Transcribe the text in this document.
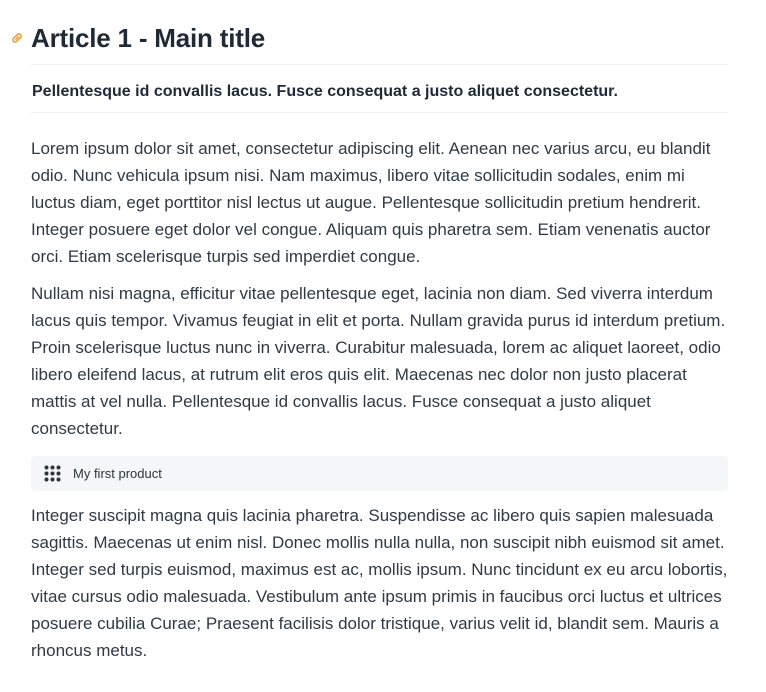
Article 1 - Main title

Pellentesque id convallis lacus. Fusce consequat a justo aliquet consectetur.

Lorem ipsum dolor sit amet, consectetur adipiscing elit. Aenean nec varius arcu, eu blandit odio. Nunc vehicula ipsum nisi. Nam maximus, libero vitae sollicitudin sodales, enim mi luctus diam, eget porttitor nisl lectus ut augue. Pellentesque sollicitudin pretium hendrerit. Integer posuere eget dolor vel congue. Aliquam quis pharetra sem. Etiam venenatis auctor orci. Etiam scelerisque turpis sed imperdiet congue.

Nullam nisi magna, efficitur vitae pellentesque eget, lacinia non diam. Sed viverra interdum lacus quis tempor. Vivamus feugiat in elit et porta. Nullam gravida purus id interdum pretium. Proin scelerisque luctus nunc in viverra. Curabitur malesuada, lorem ac aliquet laoreet, odio libero eleifend lacus, at rutrum elit eros quis elit. Maecenas nec dolor non justo placerat mattis at vel nulla. Pellentesque id convallis lacus. Fusce consequat a justo aliquet consectetur.

My first product

Integer suscipit magna quis lacinia pharetra. Suspendisse ac libero quis sapien malesuada sagittis. Maecenas ut enim nisl. Donec mollis nulla nulla, non suscipit nibh euismod sit amet. Integer sed turpis euismod, maximus est ac, mollis ipsum. Nunc tincidunt ex eu arcu lobortis, vitae cursus odio malesuada. Vestibulum ante ipsum primis in faucibus orci luctus et ultrices posuere cubilia Curae; Praesent facilisis dolor tristique, varius velit id, blandit sem. Mauris a rhoncus metus.
